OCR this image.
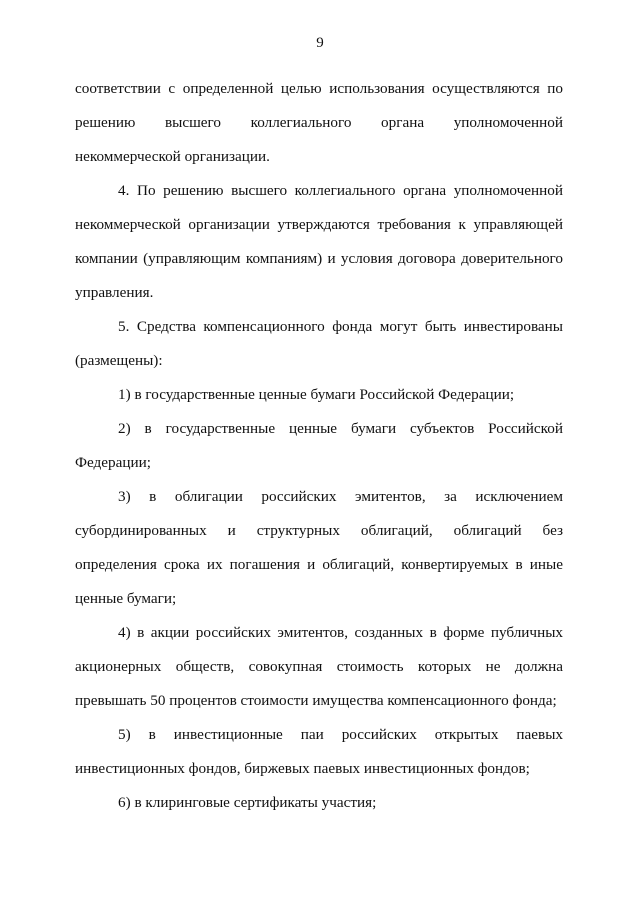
9

соответствии с определенной целью использования осуществляются по решению высшего коллегиального органа уполномоченной некоммерческой организации.

4. По решению высшего коллегиального органа уполномоченной некоммерческой организации утверждаются требования к управляющей компании (управляющим компаниям) и условия договора доверительного управления.

5. Средства компенсационного фонда могут быть инвестированы (размещены):

1) в государственные ценные бумаги Российской Федерации;

2) в государственные ценные бумаги субъектов Российской Федерации;

3) в облигации российских эмитентов, за исключением субординированных и структурных облигаций, облигаций без определения срока их погашения и облигаций, конвертируемых в иные ценные бумаги;

4) в акции российских эмитентов, созданных в форме публичных акционерных обществ, совокупная стоимость которых не должна превышать 50 процентов стоимости имущества компенсационного фонда;

5) в инвестиционные паи российских открытых паевых инвестиционных фондов, биржевых паевых инвестиционных фондов;

6) в клиринговые сертификаты участия;
